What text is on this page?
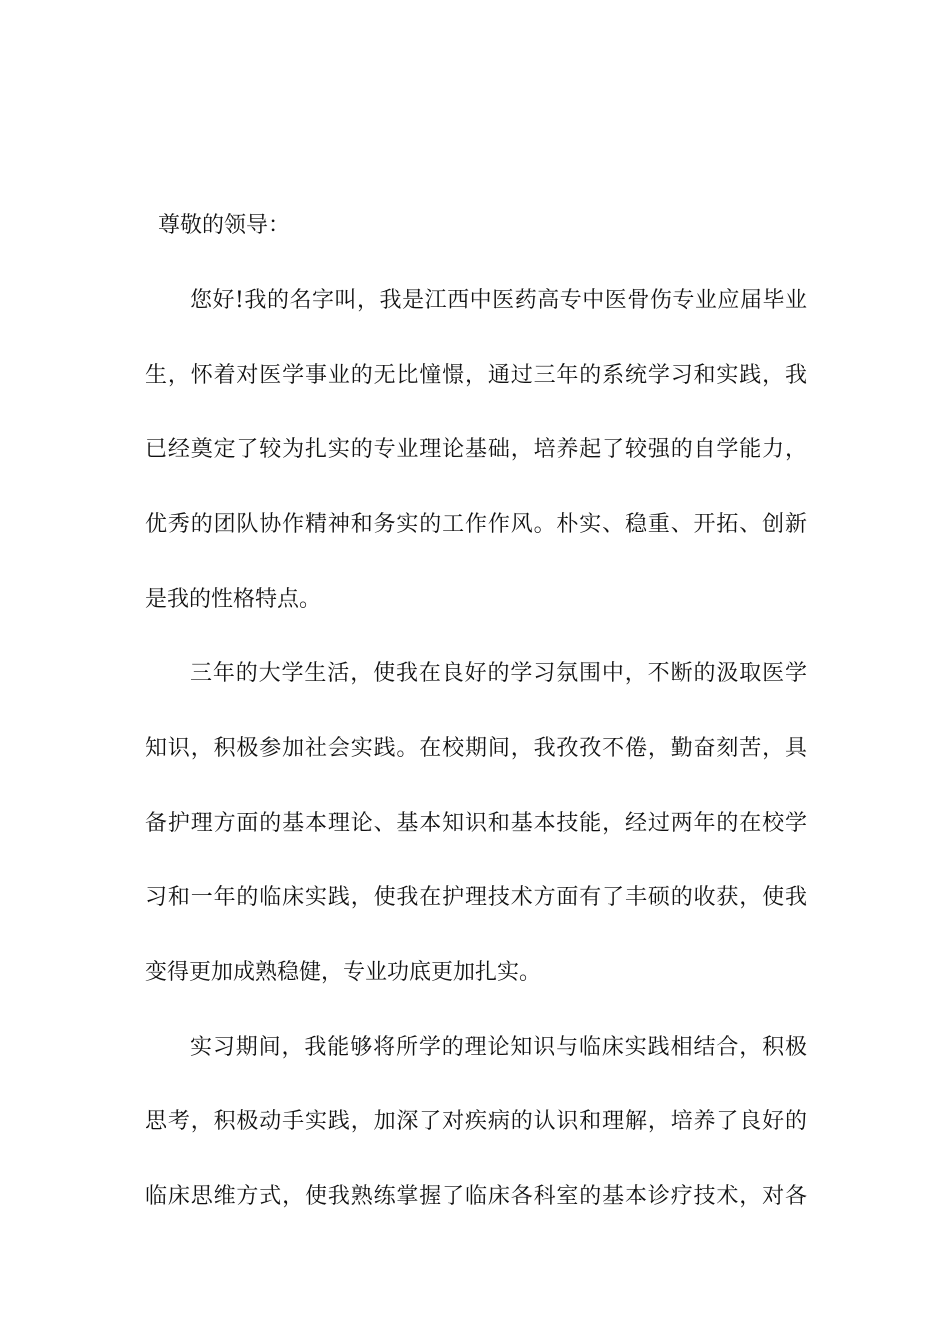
尊敬的领导：

您好!我的名字叫，我是江西中医药高专中医骨伤专业应届毕业

生，怀着对医学事业的无比憧憬，通过三年的系统学习和实践，我

已经奠定了较为扎实的专业理论基础，培养起了较强的自学能力，

优秀的团队协作精神和务实的工作作风。朴实、稳重、开拓、创新

是我的性格特点。

三年的大学生活，使我在良好的学习氛围中，不断的汲取医学

知识，积极参加社会实践。在校期间，我孜孜不倦，勤奋刻苦，具

备护理方面的基本理论、基本知识和基本技能，经过两年的在校学

习和一年的临床实践，使我在护理技术方面有了丰硕的收获，使我

变得更加成熟稳健，专业功底更加扎实。

实习期间，我能够将所学的理论知识与临床实践相结合，积极

思考，积极动手实践，加深了对疾病的认识和理解，培养了良好的

临床思维方式，使我熟练掌握了临床各科室的基本诊疗技术，对各
